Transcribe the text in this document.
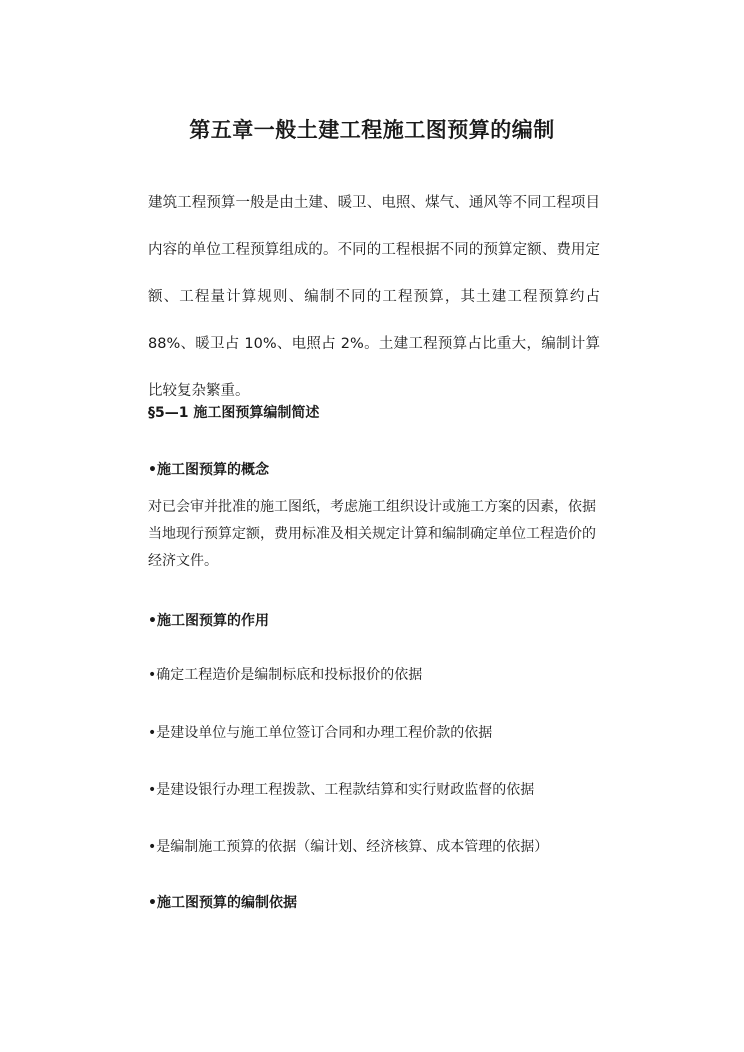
第五章一般土建工程施工图预算的编制

建筑工程预算一般是由土建、暖卫、电照、煤气、通风等不同工程项目内容的单位工程预算组成的。不同的工程根据不同的预算定额、费用定额、工程量计算规则、编制不同的工程预算，其土建工程预算约占 88%、暖卫占 10%、电照占 2%。土建工程预算占比重大，编制计算比较复杂繁重。

§5—1 施工图预算编制简述
•施工图预算的概念

对已会审并批准的施工图纸，考虑施工组织设计或施工方案的因素，依据当地现行预算定额，费用标准及相关规定计算和编制确定单位工程造价的经济文件。

•施工图预算的作用

•确定工程造价是编制标底和投标报价的依据

•是建设单位与施工单位签订合同和办理工程价款的依据

•是建设银行办理工程拨款、工程款结算和实行财政监督的依据

•是编制施工预算的依据（编计划、经济核算、成本管理的依据）

•施工图预算的编制依据
